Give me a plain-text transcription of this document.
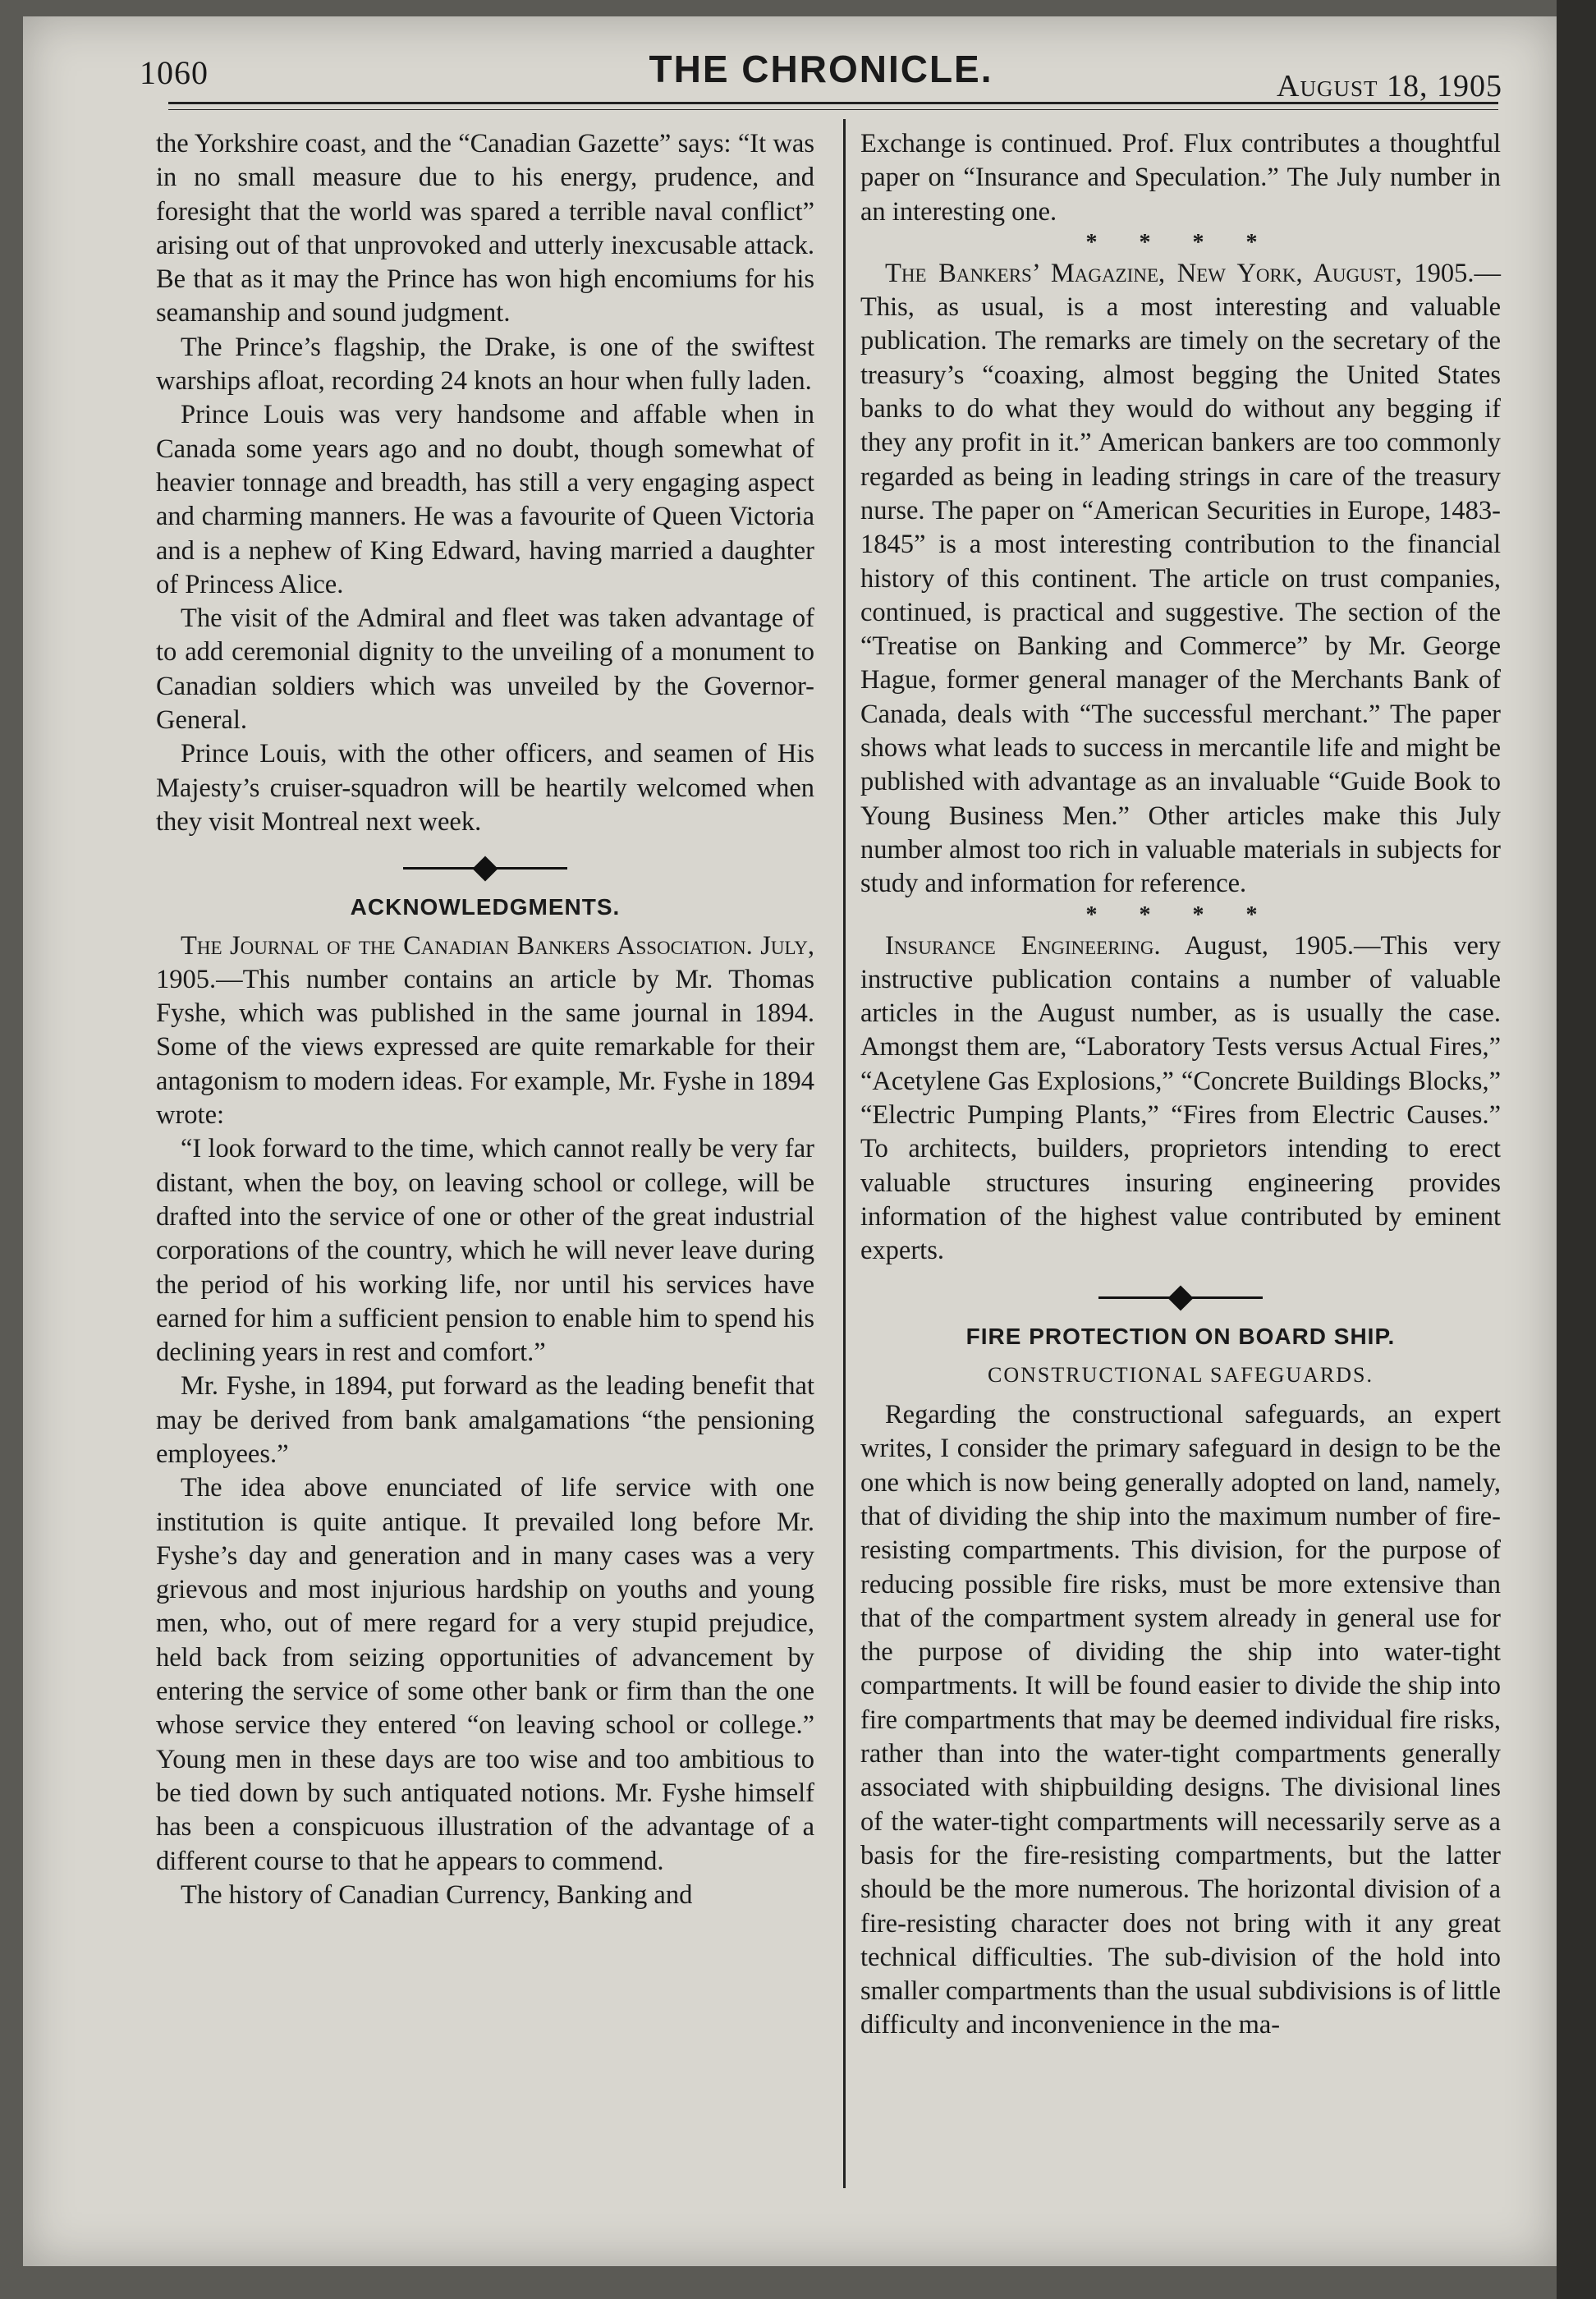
1060	THE CHRONICLE.	August 18, 1905

the Yorkshire coast, and the “Canadian Gazette” says: “It was in no small measure due to his energy, prudence, and foresight that the world was spared a terrible naval conflict” arising out of that unprovoked and utterly inexcusable attack. Be that as it may the Prince has won high encomiums for his seamanship and sound judgment.

The Prince’s flagship, the Drake, is one of the swiftest warships afloat, recording 24 knots an hour when fully laden.

Prince Louis was very handsome and affable when in Canada some years ago and no doubt, though somewhat of heavier tonnage and breadth, has still a very engaging aspect and charming manners. He was a favourite of Queen Victoria and is a nephew of King Edward, having married a daughter of Princess Alice.

The visit of the Admiral and fleet was taken advantage of to add ceremonial dignity to the unveiling of a monument to Canadian soldiers which was unveiled by the Governor-General.

Prince Louis, with the other officers, and seamen of His Majesty’s cruiser-squadron will be heartily welcomed when they visit Montreal next week.

ACKNOWLEDGMENTS.

The Journal of the Canadian Bankers Association. July, 1905.—This number contains an article by Mr. Thomas Fyshe, which was published in the same journal in 1894. Some of the views expressed are quite remarkable for their antagonism to modern ideas. For example, Mr. Fyshe in 1894 wrote:

“I look forward to the time, which cannot really be very far distant, when the boy, on leaving school or college, will be drafted into the service of one or other of the great industrial corporations of the country, which he will never leave during the period of his working life, nor until his services have earned for him a sufficient pension to enable him to spend his declining years in rest and comfort.”

Mr. Fyshe, in 1894, put forward as the leading benefit that may be derived from bank amalgamations “the pensioning employees.”

The idea above enunciated of life service with one institution is quite antique. It prevailed long before Mr. Fyshe’s day and generation and in many cases was a very grievous and most injurious hardship on youths and young men, who, out of mere regard for a very stupid prejudice, held back from seizing opportunities of advancement by entering the service of some other bank or firm than the one whose service they entered “on leaving school or college.” Young men in these days are too wise and too ambitious to be tied down by such antiquated notions. Mr. Fyshe himself has been a conspicuous illustration of the advantage of a different course to that he appears to commend.

The history of Canadian Currency, Banking and

Exchange is continued. Prof. Flux contributes a thoughtful paper on “Insurance and Speculation.” The July number in an interesting one.

* * * *

The Bankers’ Magazine, New York, August, 1905.—This, as usual, is a most interesting and valuable publication. The remarks are timely on the secretary of the treasury’s “coaxing, almost begging the United States banks to do what they would do without any begging if they any profit in it.” American bankers are too commonly regarded as being in leading strings in care of the treasury nurse. The paper on “American Securities in Europe, 1483-1845” is a most interesting contribution to the financial history of this continent. The article on trust companies, continued, is practical and suggestive. The section of the “Treatise on Banking and Commerce” by Mr. George Hague, former general manager of the Merchants Bank of Canada, deals with “The successful merchant.” The paper shows what leads to success in mercantile life and might be published with advantage as an invaluable “Guide Book to Young Business Men.” Other articles make this July number almost too rich in valuable materials in subjects for study and information for reference.

* * * *

Insurance Engineering. August, 1905.—This very instructive publication contains a number of valuable articles in the August number, as is usually the case. Amongst them are, “Laboratory Tests versus Actual Fires,” “Acetylene Gas Explosions,” “Concrete Buildings Blocks,” “Electric Pumping Plants,” “Fires from Electric Causes.” To architects, builders, proprietors intending to erect valuable structures insuring engineering provides information of the highest value contributed by eminent experts.

FIRE PROTECTION ON BOARD SHIP.
CONSTRUCTIONAL SAFEGUARDS.

Regarding the constructional safeguards, an expert writes, I consider the primary safeguard in design to be the one which is now being generally adopted on land, namely, that of dividing the ship into the maximum number of fire-resisting compartments. This division, for the purpose of reducing possible fire risks, must be more extensive than that of the compartment system already in general use for the purpose of dividing the ship into water-tight compartments. It will be found easier to divide the ship into fire compartments that may be deemed individual fire risks, rather than into the water-tight compartments generally associated with shipbuilding designs. The divisional lines of the water-tight compartments will necessarily serve as a basis for the fire-resisting compartments, but the latter should be the more numerous. The horizontal division of a fire-resisting character does not bring with it any great technical difficulties. The sub-division of the hold into smaller compartments than the usual subdivisions is of little difficulty and inconvenience in the ma-
